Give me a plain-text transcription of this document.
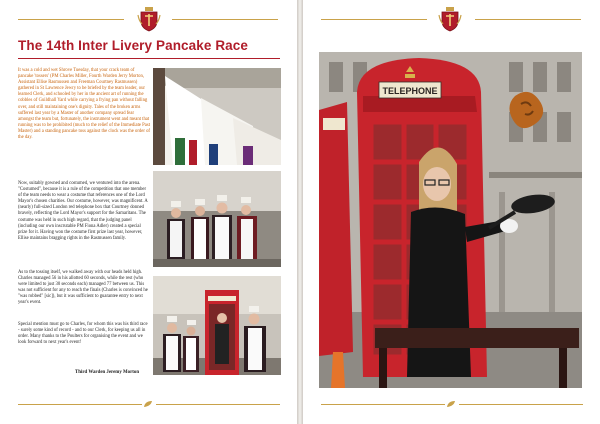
The 14th Inter Livery Pancake Race
It was a cold and wet Shrove Tuesday, that your crack team of pancake 'tossers' (PM Charles Miller, Fourth Warden Jerry Morton, Assistant Ellise Rasmussen and Freeman Courtney Rasmussen) gathered in St Lawrence Jewry to be briefed by the team leader, our learned Clerk, and schooled by her in the ancient art of running the cobbles of Guildhall Yard while carrying a frying pan without falling over, and still maintaining one's dignity. Tales of the broken arms suffered last year by a Master of another company spread fear amongst the team but, fortunately, the instrument went and meant that running was to be prohibited (much to the relief of the Immediate Past Master) and a standing pancake toss against the clock was the order of the day.
Now, suitably gowned and costumed, we ventured into the arena. "Costumed", because it is a rule of the competition that one member of the team needs to wear a costume that references one of the Lord Mayor's chosen charities. Our costume, however, was magnificent. A (nearly) full-sized London red telephone box that Courtney donned bravely, reflecting the Lord Mayor's support for the Samaritans. The costume was held in such high regard, that the judging panel (including our own inscrutable PM Fiona Adler) created a special prize for it. Having won the costume first prize last year, however, Ellise maintains bragging rights in the Rasmussen family.
As to the tossing itself, we walked away with our heads held high. Charles managed 56 in his allotted 60 seconds, while the rest (who were limited to just 30 seconds each) managed 77 between us. This was not sufficient for any to reach the finals (Charles is convinced he "was robbed" [sic]), but it was sufficient to guarantee entry to next year's event.
Special mention must go to Charles, for whom this was his third race - surely some kind of record - and to our Clerk, for keeping us all in order. Many thanks to the Poulters for organising the event and we look forward to next year's event!
Third Warden Jeremy Morton
TELEPHONE
